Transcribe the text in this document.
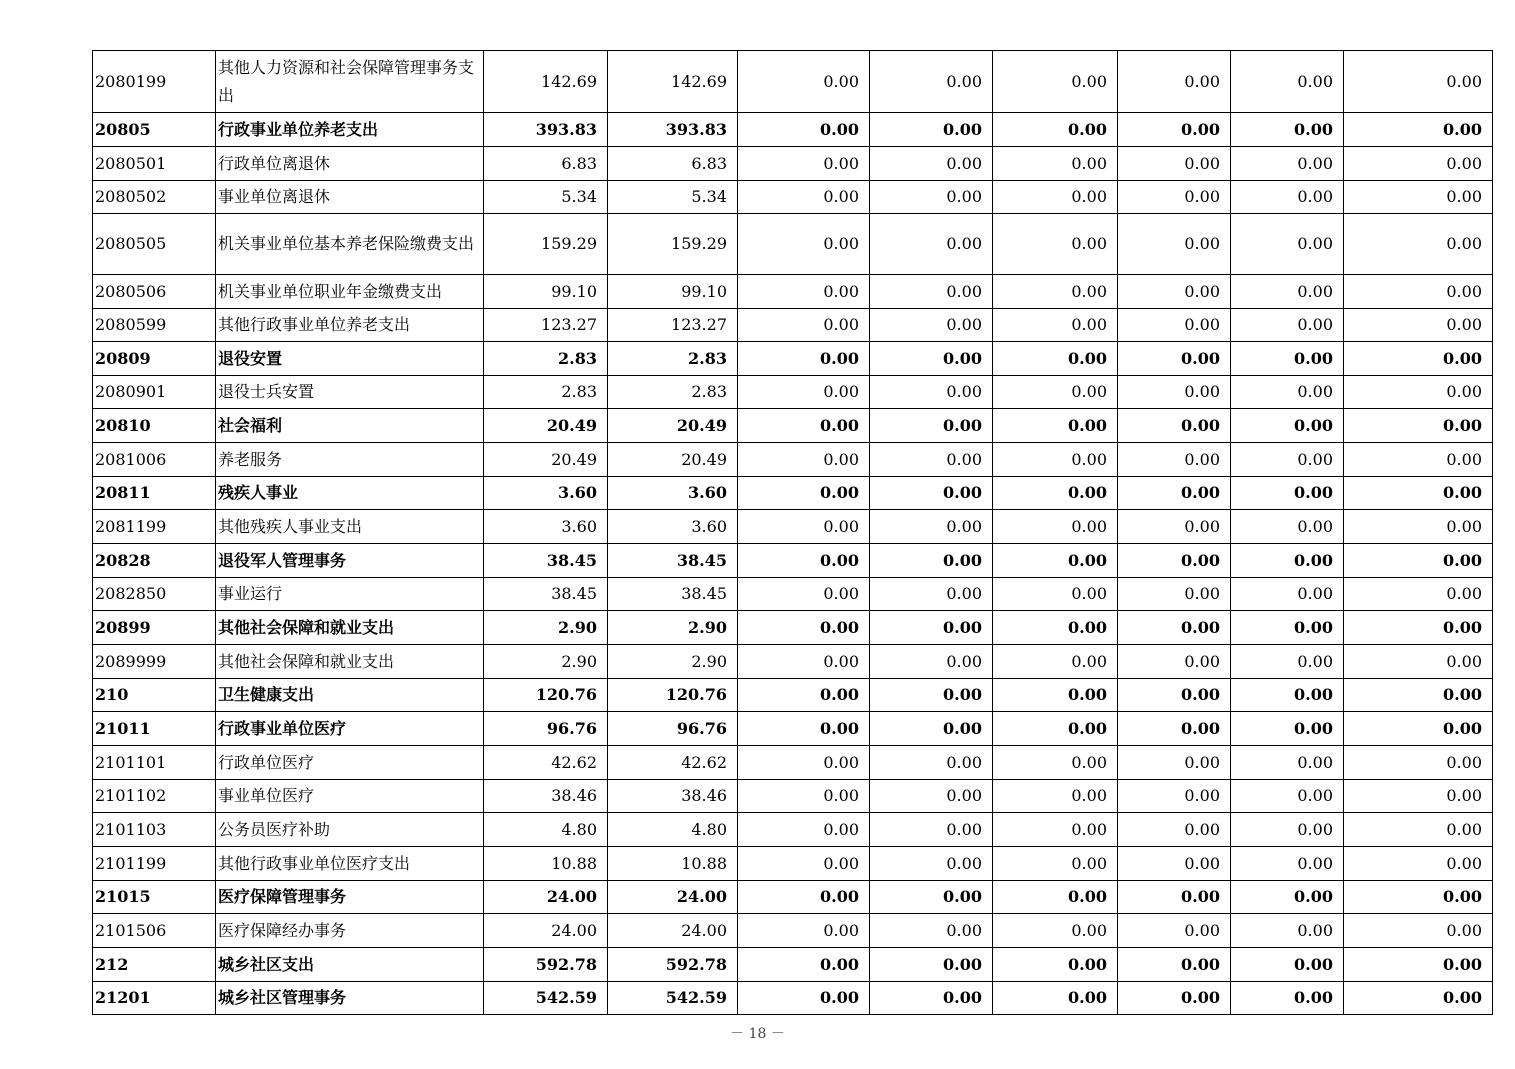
2080199	其他人力资源和社会保障管理事务支出	142.69	142.69	0.00	0.00	0.00	0.00	0.00	0.00
20805	行政事业单位养老支出	393.83	393.83	0.00	0.00	0.00	0.00	0.00	0.00
2080501	行政单位离退休	6.83	6.83	0.00	0.00	0.00	0.00	0.00	0.00
2080502	事业单位离退休	5.34	5.34	0.00	0.00	0.00	0.00	0.00	0.00
2080505	机关事业单位基本养老保险缴费支出	159.29	159.29	0.00	0.00	0.00	0.00	0.00	0.00
2080506	机关事业单位职业年金缴费支出	99.10	99.10	0.00	0.00	0.00	0.00	0.00	0.00
2080599	其他行政事业单位养老支出	123.27	123.27	0.00	0.00	0.00	0.00	0.00	0.00
20809	退役安置	2.83	2.83	0.00	0.00	0.00	0.00	0.00	0.00
2080901	退役士兵安置	2.83	2.83	0.00	0.00	0.00	0.00	0.00	0.00
20810	社会福利	20.49	20.49	0.00	0.00	0.00	0.00	0.00	0.00
2081006	养老服务	20.49	20.49	0.00	0.00	0.00	0.00	0.00	0.00
20811	残疾人事业	3.60	3.60	0.00	0.00	0.00	0.00	0.00	0.00
2081199	其他残疾人事业支出	3.60	3.60	0.00	0.00	0.00	0.00	0.00	0.00
20828	退役军人管理事务	38.45	38.45	0.00	0.00	0.00	0.00	0.00	0.00
2082850	事业运行	38.45	38.45	0.00	0.00	0.00	0.00	0.00	0.00
20899	其他社会保障和就业支出	2.90	2.90	0.00	0.00	0.00	0.00	0.00	0.00
2089999	其他社会保障和就业支出	2.90	2.90	0.00	0.00	0.00	0.00	0.00	0.00
210	卫生健康支出	120.76	120.76	0.00	0.00	0.00	0.00	0.00	0.00
21011	行政事业单位医疗	96.76	96.76	0.00	0.00	0.00	0.00	0.00	0.00
2101101	行政单位医疗	42.62	42.62	0.00	0.00	0.00	0.00	0.00	0.00
2101102	事业单位医疗	38.46	38.46	0.00	0.00	0.00	0.00	0.00	0.00
2101103	公务员医疗补助	4.80	4.80	0.00	0.00	0.00	0.00	0.00	0.00
2101199	其他行政事业单位医疗支出	10.88	10.88	0.00	0.00	0.00	0.00	0.00	0.00
21015	医疗保障管理事务	24.00	24.00	0.00	0.00	0.00	0.00	0.00	0.00
2101506	医疗保障经办事务	24.00	24.00	0.00	0.00	0.00	0.00	0.00	0.00
212	城乡社区支出	592.78	592.78	0.00	0.00	0.00	0.00	0.00	0.00
21201	城乡社区管理事务	542.59	542.59	0.00	0.00	0.00	0.00	0.00	0.00
－ 18 －
